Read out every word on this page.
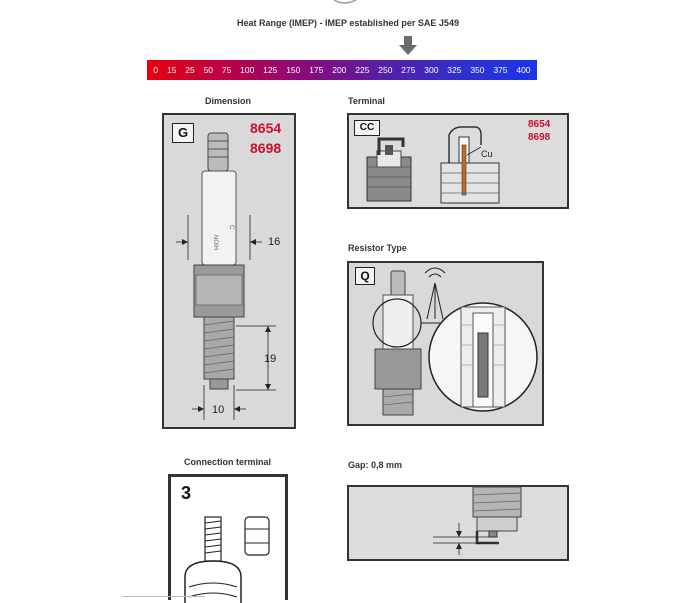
Heat Range (IMEP) - IMEP established per SAE J549
0 15 25 50 75 100 125 150 175 200 225 250 275 300 325 350 375 400
Dimension
G	8654
8698
NOIH
C
16
19
10
Terminal
CC	8654
8698
Cu
Resistor Type
Q
Connection terminal
3
Gap: 0,8 mm
